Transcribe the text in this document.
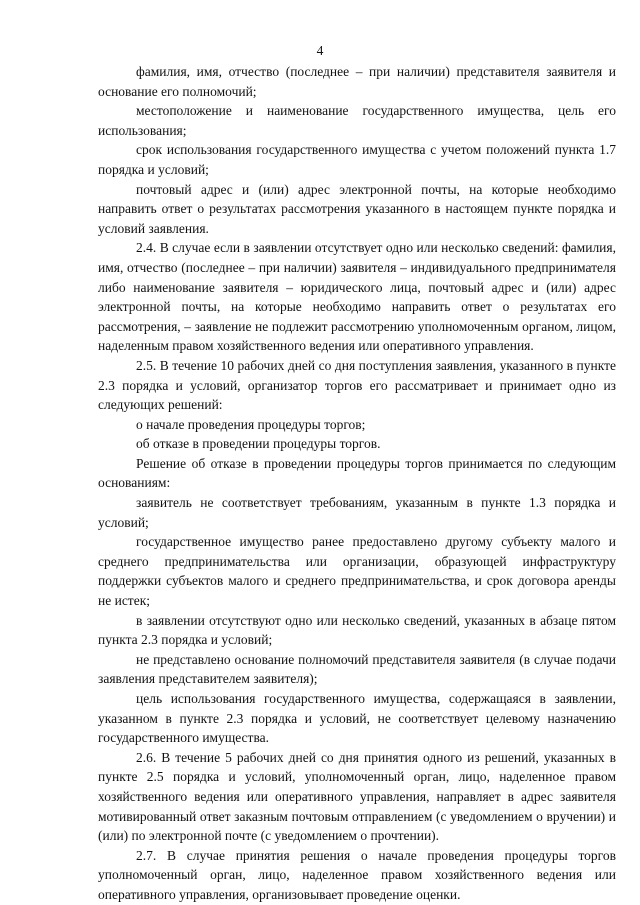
4

фамилия, имя, отчество (последнее – при наличии) представителя заявителя и основание его полномочий;

местоположение и наименование государственного имущества, цель его использования;

срок использования государственного имущества с учетом положений пункта 1.7 порядка и условий;

почтовый адрес и (или) адрес электронной почты, на которые необходимо направить ответ о результатах рассмотрения указанного в настоящем пункте порядка и условий заявления.

2.4. В случае если в заявлении отсутствует одно или несколько сведений: фамилия, имя, отчество (последнее – при наличии) заявителя – индивидуального предпринимателя либо наименование заявителя – юридического лица, почтовый адрес и (или) адрес электронной почты, на которые необходимо направить ответ о результатах его рассмотрения, – заявление не подлежит рассмотрению уполномоченным органом, лицом, наделенным правом хозяйственного ведения или оперативного управления.

2.5. В течение 10 рабочих дней со дня поступления заявления, указанного в пункте 2.3 порядка и условий, организатор торгов его рассматривает и принимает одно из следующих решений:

о начале проведения процедуры торгов;

об отказе в проведении процедуры торгов.

Решение об отказе в проведении процедуры торгов принимается по следующим основаниям:

заявитель не соответствует требованиям, указанным в пункте 1.3 порядка и условий;

государственное имущество ранее предоставлено другому субъекту малого и среднего предпринимательства или организации, образующей инфраструктуру поддержки субъектов малого и среднего предпринимательства, и срок договора аренды не истек;

в заявлении отсутствуют одно или несколько сведений, указанных в абзаце пятом пункта 2.3 порядка и условий;

не представлено основание полномочий представителя заявителя (в случае подачи заявления представителем заявителя);

цель использования государственного имущества, содержащаяся в заявлении, указанном в пункте 2.3 порядка и условий, не соответствует целевому назначению государственного имущества.

2.6. В течение 5 рабочих дней со дня принятия одного из решений, указанных в пункте 2.5 порядка и условий, уполномоченный орган, лицо, наделенное правом хозяйственного ведения или оперативного управления, направляет в адрес заявителя мотивированный ответ заказным почтовым отправлением (с уведомлением о вручении) и (или) по электронной почте (с уведомлением о прочтении).

2.7. В случае принятия решения о начале проведения процедуры торгов уполномоченный орган, лицо, наделенное правом хозяйственного ведения или оперативного управления, организовывает проведение оценки.
